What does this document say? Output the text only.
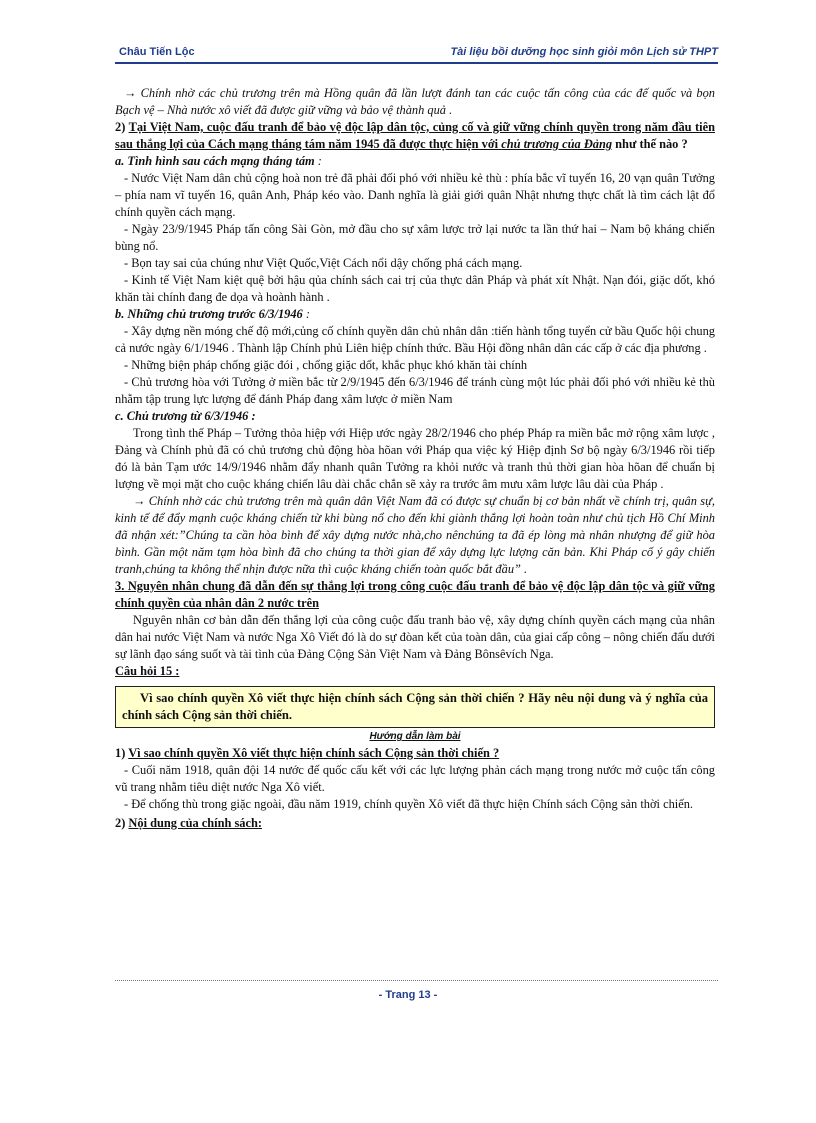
Châu Tiến Lộc	Tài liệu bồi dưỡng học sinh giỏi môn Lịch sử THPT

→ Chính nhờ các chủ trương trên mà Hồng quân đã lần lượt đánh tan các cuộc tấn công của các đế quốc và bọn Bạch vệ – Nhà nước xô viết đã được giữ vững và bảo vệ thành quả .

2) Tại Việt Nam, cuộc đấu tranh để bảo vệ độc lập dân tộc, củng cố và giữ vững chính quyền trong năm đầu tiên sau thắng lợi của Cách mạng tháng tám năm 1945 đã được thực hiện với chủ trương của Đảng như thế nào ?

a. Tình hình sau cách mạng tháng tám :

- Nước Việt Nam dân chủ cộng hoà non trẻ đã phải đối phó với nhiều kẻ thù : phía bắc vĩ tuyến 16, 20 vạn quân Tưởng – phía nam vĩ tuyến 16, quân Anh, Pháp kéo vào. Danh nghĩa là giải giới quân Nhật nhưng thực chất là tìm cách lật đổ chính quyền cách mạng.

- Ngày 23/9/1945 Pháp tấn công Sài Gòn, mở đầu cho sự xâm lược trở lại nước ta lần thứ hai – Nam bộ kháng chiến bùng nổ.

- Bọn tay sai của chúng như Việt Quốc,Việt Cách nổi dậy chống phá cách mạng.

- Kinh tế Việt Nam kiệt quệ bởi hậu qủa chính sách cai trị của thực dân Pháp và phát xít Nhật. Nạn đói, giặc dốt, khó khăn tài chính đang đe dọa và hoành hành .

b. Những chủ trương trước 6/3/1946 :

- Xây dựng nền móng chế độ mới,củng cố chính quyền dân chủ nhân dân :tiến hành tổng tuyển cử bầu Quốc hội chung cả nước ngày 6/1/1946 . Thành lập Chính phủ Liên hiệp chính thức. Bầu Hội đồng nhân dân các cấp ở các địa phương .

- Những biện pháp chống giặc đói , chống giặc dốt, khắc phục khó khăn tài chính

- Chủ trương hòa với Tưởng ở miền bắc từ 2/9/1945 đến 6/3/1946 để tránh cùng một lúc phải đối phó với nhiều kẻ thù nhằm tập trung lực lượng để đánh Pháp đang xâm lược ở miền Nam

c. Chủ trương từ 6/3/1946 :

Trong tình thế Pháp – Tưởng thỏa hiệp với Hiệp ước ngày 28/2/1946 cho phép Pháp ra miền bắc mở rộng xâm lược , Đảng và Chính phủ đã có chủ trương chủ động hòa hõan với Pháp qua việc ký Hiệp định Sơ bộ ngày 6/3/1946 rồi tiếp đó là bản Tạm ước 14/9/1946 nhằm đẩy nhanh quân Tưởng ra khỏi nước và tranh thủ thời gian hòa hõan để chuẩn bị lượng về mọi mặt cho cuộc kháng chiến lâu dài chắc chắn sẽ xảy ra trước âm mưu xâm lược lâu dài của Pháp .

→ Chính nhờ các chủ trương trên mà quân dân Việt Nam đã có được sự chuẩn bị cơ bản nhất về chính trị, quân sự, kinh tế để đẩy mạnh cuộc kháng chiến từ khi bùng nổ cho đến khi giành thắng lợi hoàn toàn như chủ tịch Hồ Chí Minh đã nhận xét:”Chúng ta cần hòa bình để xây dựng nước nhà,cho nênchúng ta đã ép lòng mà nhân nhượng để giữ hòa bình. Gần một năm tạm hòa bình đã cho chúng ta thời gian để xây dựng lực lượng căn bản. Khi Pháp cố ý gây chiến tranh,chúng ta không thể nhịn được nữa thì cuộc kháng chiến toàn quốc bắt đầu” .

3. Nguyên nhân chung đã dẫn đến sự thắng lợi trong công cuộc đấu tranh để bảo vệ độc lập dân tộc và giữ vững chính quyền của nhân dân 2 nước trên

Nguyên nhân cơ bản dẫn đến thắng lợi của công cuộc đấu tranh bảo vệ, xây dựng chính quyền cách mạng của nhân dân hai nước Việt Nam và nước Nga Xô Viết đó là do sự đòan kết của toàn dân, của giai cấp công – nông chiến đấu dưới sự lãnh đạo sáng suốt và tài tình của Đảng Cộng Sản Việt Nam và Đảng Bônsêvích Nga.

Câu hỏi 15 :

Vì sao chính quyền Xô viết thực hiện chính sách Cộng sản thời chiến ? Hãy nêu nội dung và ý nghĩa của chính sách Cộng sản thời chiến.

Hướng dẫn làm bài

1) Vì sao chính quyền Xô viết thực hiện chính sách Cộng sản thời chiến ?

- Cuối năm 1918, quân đội 14 nước đế quốc cấu kết với các lực lượng phản cách mạng trong nước mở cuộc tấn công vũ trang nhằm tiêu diệt nước Nga Xô viết.

- Để chống thù trong giặc ngoài, đầu năm 1919, chính quyền Xô viết đã thực hiện Chính sách Cộng sản thời chiến.

2) Nội dung của chính sách:

- Trang 13 -
